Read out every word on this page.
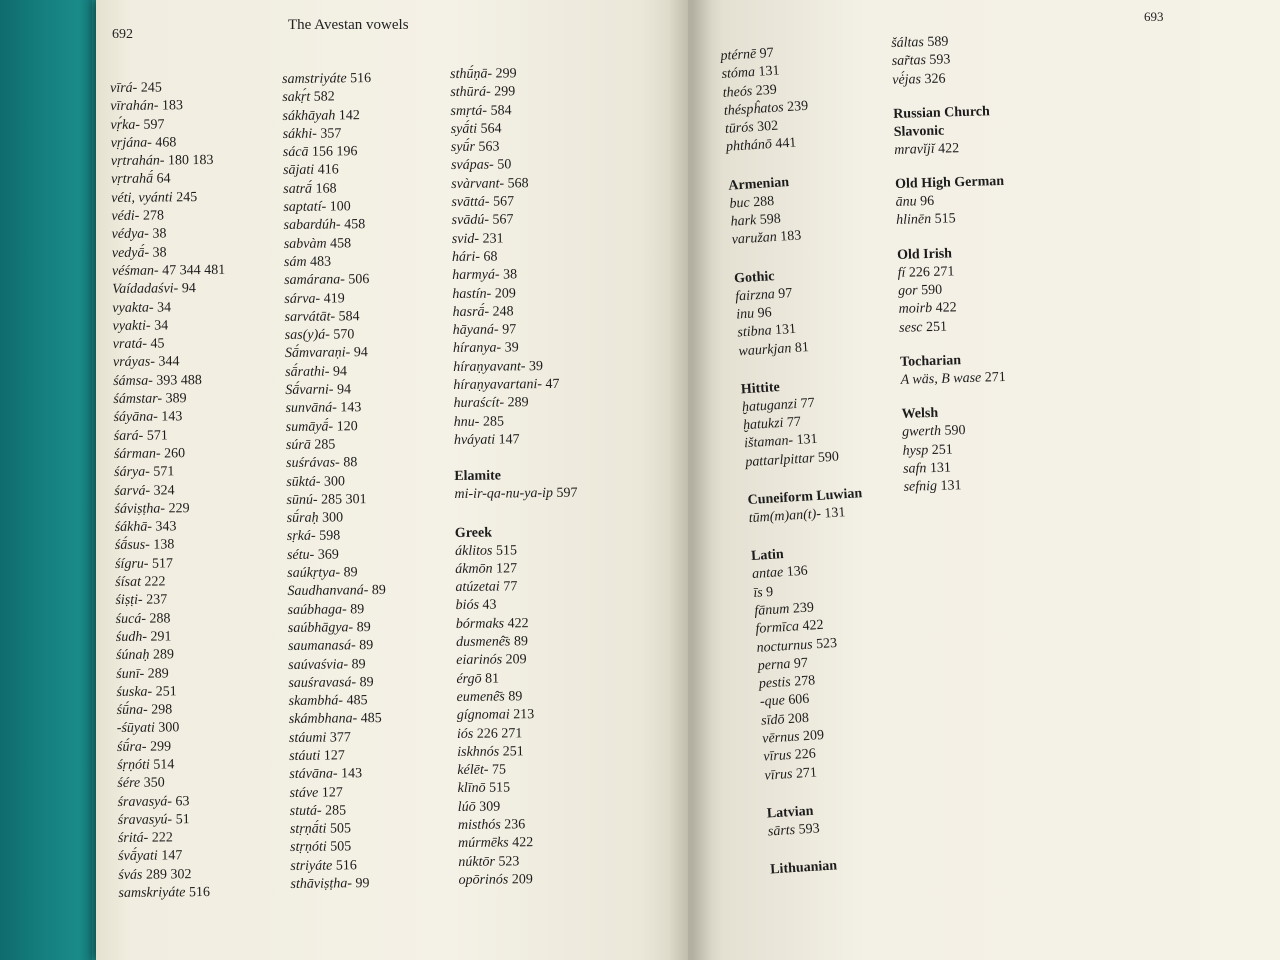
692
The Avestan vowels
vīrá- 245
vīrahán- 183
vṛ́ka- 597
vṛjána- 468
vṛtrahán- 180 183
vṛtrahā́ 64
véti, vyánti 245
védi- 278
védya- 38
vedyā́- 38
véśman- 47 344 481
Vaídadaśvi- 94
vyakta- 34
vyakti- 34
vratá- 45
vráyas- 344
śámsa- 393 488
śámstar- 389
śáyāna- 143
śará- 571
śárman- 260
śárya- 571
śarvá- 324
śáviṣṭha- 229
śákhā- 343
śā́sus- 138
śígru- 517
śísat 222
śiṣṭi- 237
śucá- 288
śudh- 291
śúnaḥ 289
śunī- 289
śuska- 251
śū́na- 298
-śūyati 300
śū́ra- 299
śṛṇóti 514
śére 350
śravasyá- 63
śravasyú- 51
śritá- 222
śvā́yati 147
śvás 289 302
samskriyáte 516
samstriyáte 516
sakṛ́t 582
sákhāyah 142
sákhi- 357
sácā 156 196
sājati 416
satrā́ 168
saptatí- 100
sabardúh- 458
sabvàm 458
sám 483
samárana- 506
sárva- 419
sarvátāt- 584
sas(y)á- 570
Sā́mvaraṇi- 94
sā́rathi- 94
Sā́varni- 94
sunvāná- 143
sumāyā́- 120
súrā 285
suśrávas- 88
sūktá- 300
sūnú- 285 301
sū́raḥ 300
sṛká- 598
sétu- 369
saúkṛtya- 89
Saudhanvaná- 89
saúbhaga- 89
saúbhāgya- 89
saumanasá- 89
saúvaśvia- 89
sauśravasá- 89
skambhá- 485
skámbhana- 485
stáumi 377
stáuti 127
stávāna- 143
stáve 127
stutá- 285
stṛṇā́ti 505
stṛṇóti 505
striyáte 516
sthāviṣṭha- 99
sthū́ṇā- 299
sthūrá- 299
smṛtá- 584
syā́ti 564
syū́r 563
svápas- 50
svàrvant- 568
svāttá- 567
svādú- 567
svid- 231
hári- 68
harmyá- 38
hastín- 209
hasrā́- 248
hāyaná- 97
híranya- 39
híraṇyavant- 39
híraṇyavartani- 47
huraścít- 289
hnu- 285
hváyati 147
Elamite
mi-ir-qa-nu-ya-ip 597
Greek
áklitos 515
ákmōn 127
atúzetai 77
biós 43
bórmaks 422
dusmenê̄s 89
eiarinós 209
érgō 81
eumenê̄s 89
gígnomai 213
iós 226 271
iskhnós 251
kélēt- 75
klīnō 515
lúō 309
misthós 236
múrmēks 422
núktōr 523
opōrinós 209
693
ptérnē 97
stóma 131
theós 239
théspĥatos 239
tūrós 302
phthánō 441
Armenian
buc 288
hark 598
varužan 183
Gothic
fairzna 97
inu 96
stibna 131
waurkjan 81
Hittite
ḫatuganzi 77
ḫatukzi 77
ištaman- 131
pattarlpittar 590
Cuneiform Luwian
tūm(m)an(t)- 131
Latin
antae 136
īs 9
fānum 239
formīca 422
nocturnus 523
perna 97
pestis 278
-que 606
sīdō 208
vērnus 209
vīrus 226
vīrus 271
Latvian
sārts 593
Lithuanian
šáltas 589
sar̃tas 593
vė́jas 326
Russian Church Slavonic
mravĭjĭ 422
Old High German
ānu 96
hlinēn 515
Old Irish
fí 226 271
gor 590
moirb 422
sesc 251
Tocharian
A wäs, B wase 271
Welsh
gwerth 590
hysp 251
safn 131
sefnig 131
